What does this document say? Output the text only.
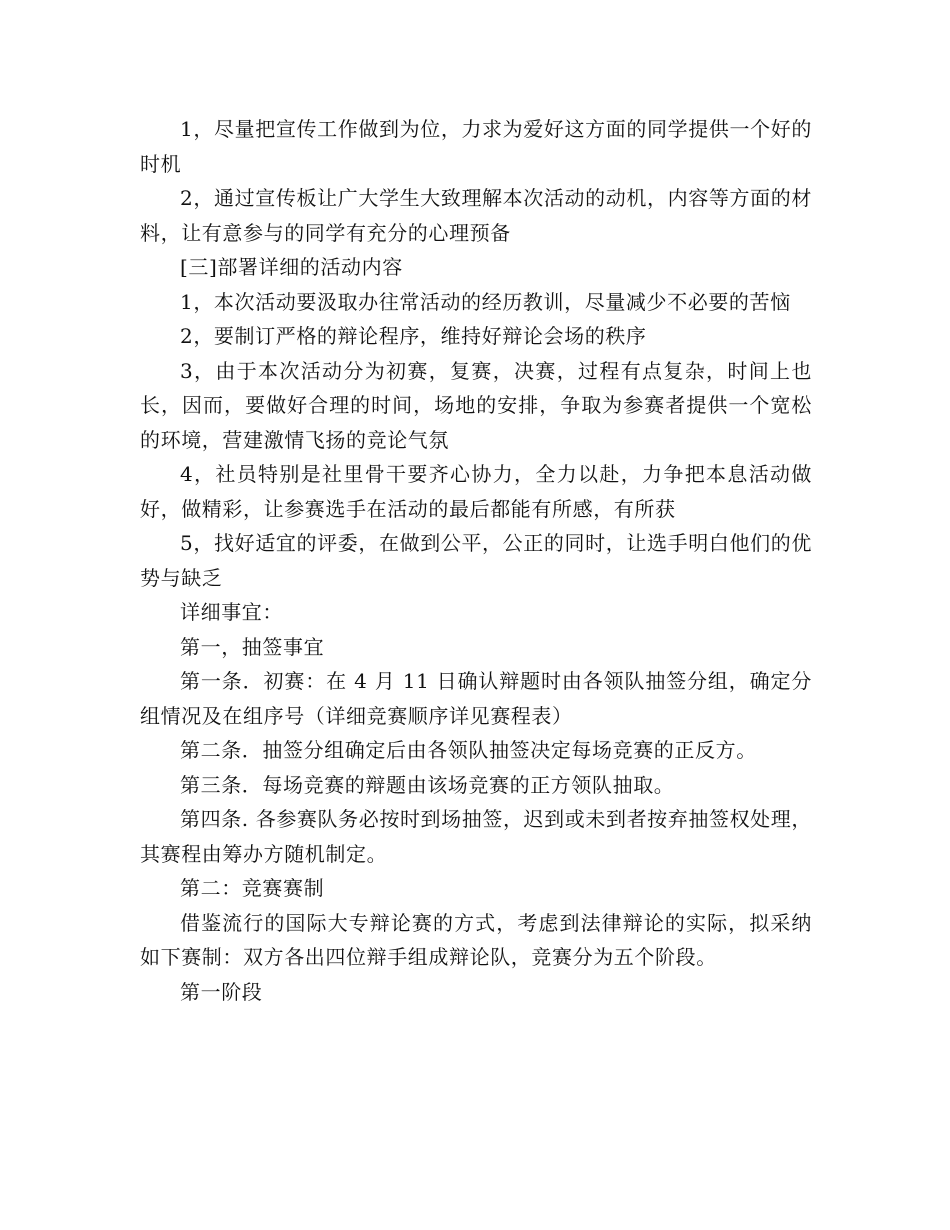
1，尽量把宣传工作做到为位，力求为爱好这方面的同学提供一个好的时机

2，通过宣传板让广大学生大致理解本次活动的动机，内容等方面的材料，让有意参与的同学有充分的心理预备

[三]部署详细的活动内容

1，本次活动要汲取办往常活动的经历教训，尽量减少不必要的苦恼

2，要制订严格的辩论程序，维持好辩论会场的秩序

3，由于本次活动分为初赛，复赛，决赛，过程有点复杂，时间上也长，因而，要做好合理的时间，场地的安排，争取为参赛者提供一个宽松的环境，营建激情飞扬的竞论气氛

4，社员特别是社里骨干要齐心协力，全力以赴，力争把本息活动做好，做精彩，让参赛选手在活动的最后都能有所感，有所获

5，找好适宜的评委，在做到公平，公正的同时，让选手明白他们的优势与缺乏

详细事宜：

第一，抽签事宜

第一条．初赛：在 4 月 11 日确认辩题时由各领队抽签分组，确定分组情况及在组序号（详细竞赛顺序详见赛程表）

第二条．抽签分组确定后由各领队抽签决定每场竞赛的正反方。

第三条．每场竞赛的辩题由该场竞赛的正方领队抽取。

第四条. 各参赛队务必按时到场抽签，迟到或未到者按弃抽签权处理，其赛程由筹办方随机制定。

第二：竞赛赛制

借鉴流行的国际大专辩论赛的方式，考虑到法律辩论的实际，拟采纳如下赛制：双方各出四位辩手组成辩论队，竞赛分为五个阶段。

第一阶段
